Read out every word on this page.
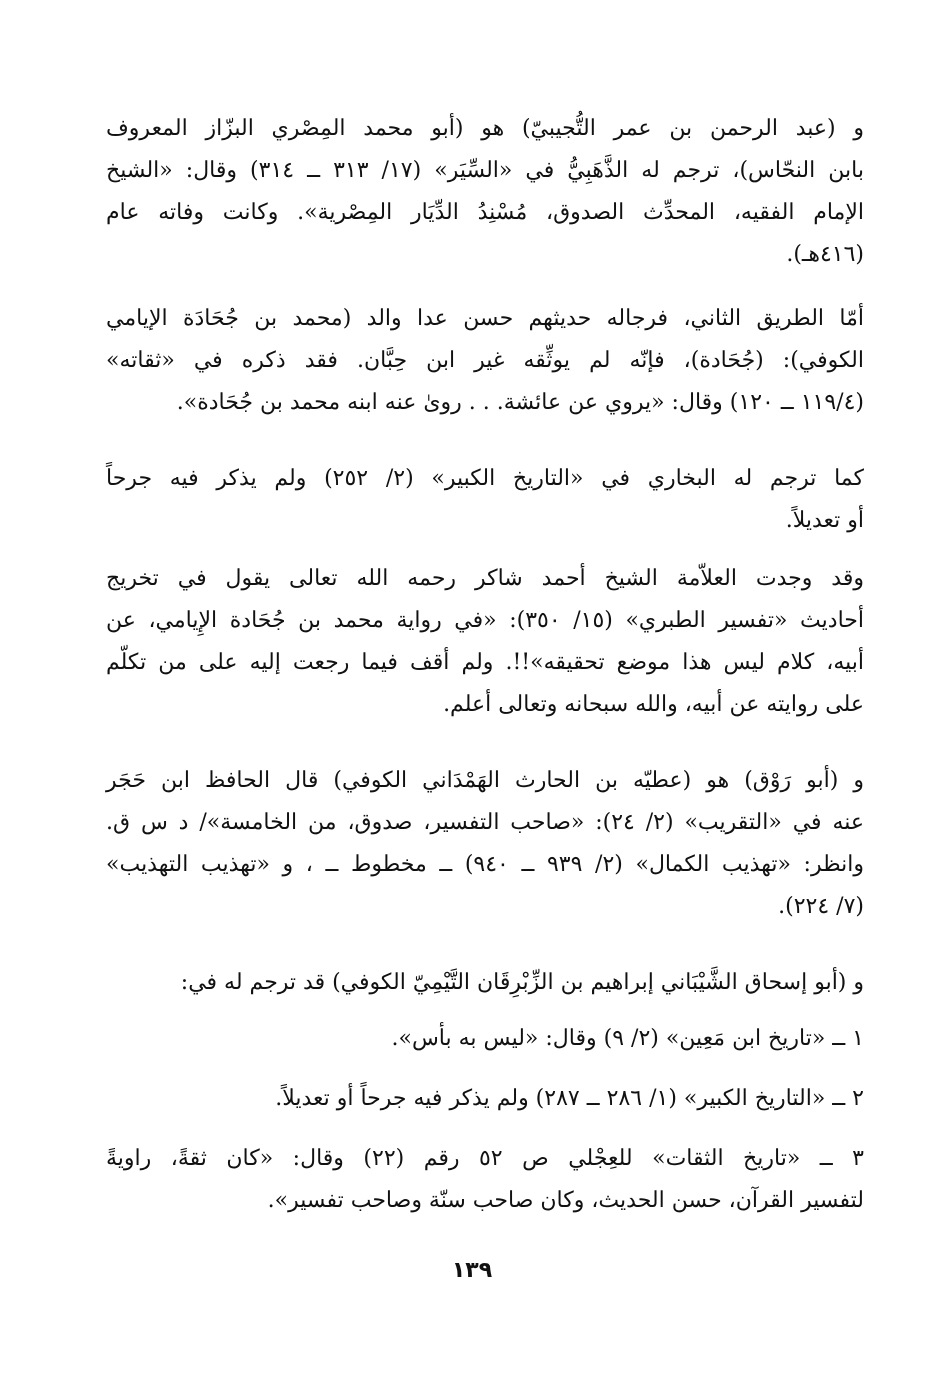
و (عبد الرحمن بن عمر التُّجيبيّ) هو (أبو محمد المِصْري البزّاز المعروف
بابن النحّاس)، ترجم له الذَّهَبِيُّ في «السِّيَر» (١٧/ ٣١٣ ــ ٣١٤) وقال: «الشيخ
الإمام الفقيه، المحدِّث الصدوق، مُسْنِدُ الدِّيَار المِصْرية». وكانت وفاته عام
(٤١٦هـ).

أمّا الطريق الثاني، فرجاله حديثهم حسن عدا والد (محمد بن جُحَادَة الإيامي
الكوفي): (جُحَادة)، فإنّه لم يوثِّقه غير ابن حِبَّان. فقد ذكره في «ثقاته»
(١١٩/٤ ــ ١٢٠) وقال: «يروي عن عائشة. . . روىٰ عنه ابنه محمد بن جُحَادة».

كما ترجم له البخاري في «التاريخ الكبير» (٢/ ٢٥٢) ولم يذكر فيه جرحاً
أو تعديلاً.

وقد وجدت العلاّمة الشيخ أحمد شاكر رحمه الله تعالى يقول في تخريج
أحاديث «تفسير الطبري» (١٥/ ٣٥٠): «في رواية محمد بن جُحَادة الإِيامي، عن
أبيه، كلام ليس هذا موضع تحقيقه»!!. ولم أقف فيما رجعت إليه على من تكلّم
على روايته عن أبيه، والله سبحانه وتعالى أعلم.

و (أبو رَوْق) هو (عطيّه بن الحارث الهَمْدَاني الكوفي) قال الحافظ ابن حَجَر
عنه في «التقريب» (٢/ ٢٤): «صاحب التفسير، صدوق، من الخامسة»/ د س ق.
وانظر: «تهذيب الكمال» (٢/ ٩٣٩ ــ ٩٤٠) ــ مخطوط ــ ، و «تهذيب التهذيب»
(٧/ ٢٢٤).

و (أبو إسحاق الشَّيْبَاني إبراهيم بن الزِّبْرِقَان التَّيْمِيّ الكوفي) قد ترجم له في:

١ ــ «تاريخ ابن مَعِين» (٢/ ٩) وقال: «ليس به بأس».

٢ ــ «التاريخ الكبير» (١/ ٢٨٦ ــ ٢٨٧) ولم يذكر فيه جرحاً أو تعديلاً.

٣ ــ «تاريخ الثقات» للعِجْلي ص ٥٢ رقم (٢٢) وقال: «كان ثقةً، راويةً
لتفسير القرآن، حسن الحديث، وكان صاحب سنّة وصاحب تفسير».

١٣٩
